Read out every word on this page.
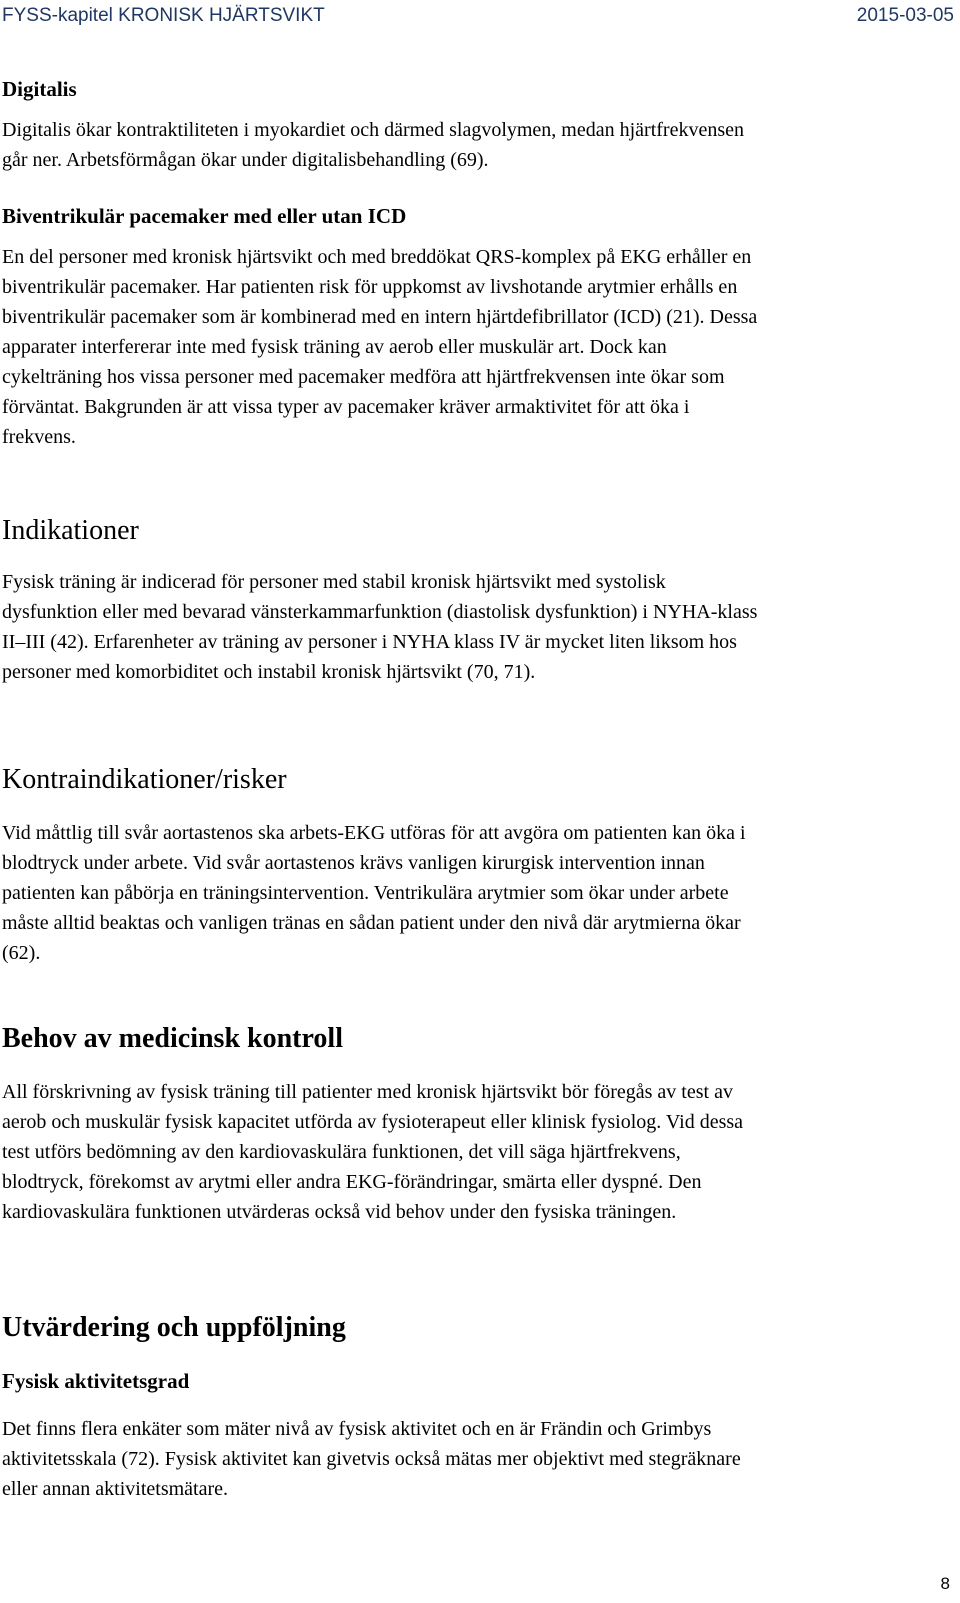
FYSS-kapitel KRONISK HJÄRTSVIKT	2015-03-05
Digitalis
Digitalis ökar kontraktiliteten i myokardiet och därmed slagvolymen, medan hjärtfrekvensen
går ner. Arbetsförmågan ökar under digitalisbehandling (69).
Biventrikulär pacemaker med eller utan ICD
En del personer med kronisk hjärtsvikt och med breddökat QRS-komplex på EKG erhåller en
biventrikulär pacemaker. Har patienten risk för uppkomst av livshotande arytmier erhålls en
biventrikulär pacemaker som är kombinerad med en intern hjärtdefibrillator (ICD) (21). Dessa
apparater interfererar inte med fysisk träning av aerob eller muskulär art. Dock kan
cykelträning hos vissa personer med pacemaker medföra att hjärtfrekvensen inte ökar som
förväntat. Bakgrunden är att vissa typer av pacemaker kräver armaktivitet för att öka i
frekvens.
Indikationer
Fysisk träning är indicerad för personer med stabil kronisk hjärtsvikt med systolisk
dysfunktion eller med bevarad vänsterkammarfunktion (diastolisk dysfunktion) i NYHA-klass
II–III (42). Erfarenheter av träning av personer i NYHA klass IV är mycket liten liksom hos
personer med komorbiditet och instabil kronisk hjärtsvikt (70, 71).
Kontraindikationer/risker
Vid måttlig till svår aortastenos ska arbets-EKG utföras för att avgöra om patienten kan öka i
blodtryck under arbete. Vid svår aortastenos krävs vanligen kirurgisk intervention innan
patienten kan påbörja en träningsintervention. Ventrikulära arytmier som ökar under arbete
måste alltid beaktas och vanligen tränas en sådan patient under den nivå där arytmierna ökar
(62).
Behov av medicinsk kontroll
All förskrivning av fysisk träning till patienter med kronisk hjärtsvikt bör föregås av test av
aerob och muskulär fysisk kapacitet utförda av fysioterapeut eller klinisk fysiolog. Vid dessa
test utförs bedömning av den kardiovaskulära funktionen, det vill säga hjärtfrekvens,
blodtryck, förekomst av arytmi eller andra EKG-förändringar, smärta eller dyspné. Den
kardiovaskulära funktionen utvärderas också vid behov under den fysiska träningen.
Utvärdering och uppföljning
Fysisk aktivitetsgrad
Det finns flera enkäter som mäter nivå av fysisk aktivitet och en är Frändin och Grimbys
aktivitetsskala (72). Fysisk aktivitet kan givetvis också mätas mer objektivt med stegräknare
eller annan aktivitetsmätare.
8
